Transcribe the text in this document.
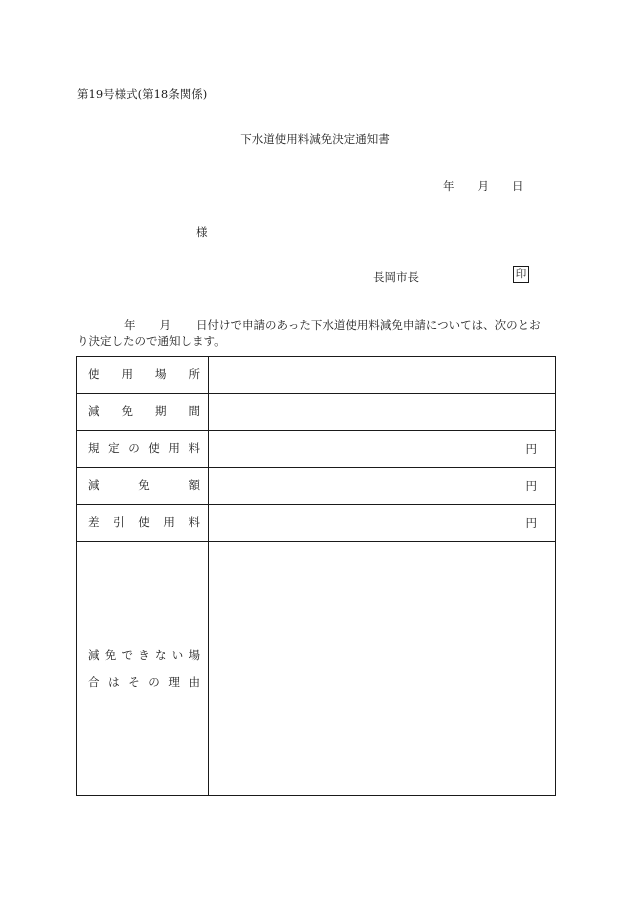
第19号様式(第18条関係)
下水道使用料減免決定通知書
年 月 日
様
長岡市長	印
年 月 日付けで申請のあった下水道使用料減免申請については、次のとお
り決定したので通知します。
使用場所	
減免期間	
規定の使用料	円
減免額	円
差引使用料	円

減免できない場
合はその理由	
